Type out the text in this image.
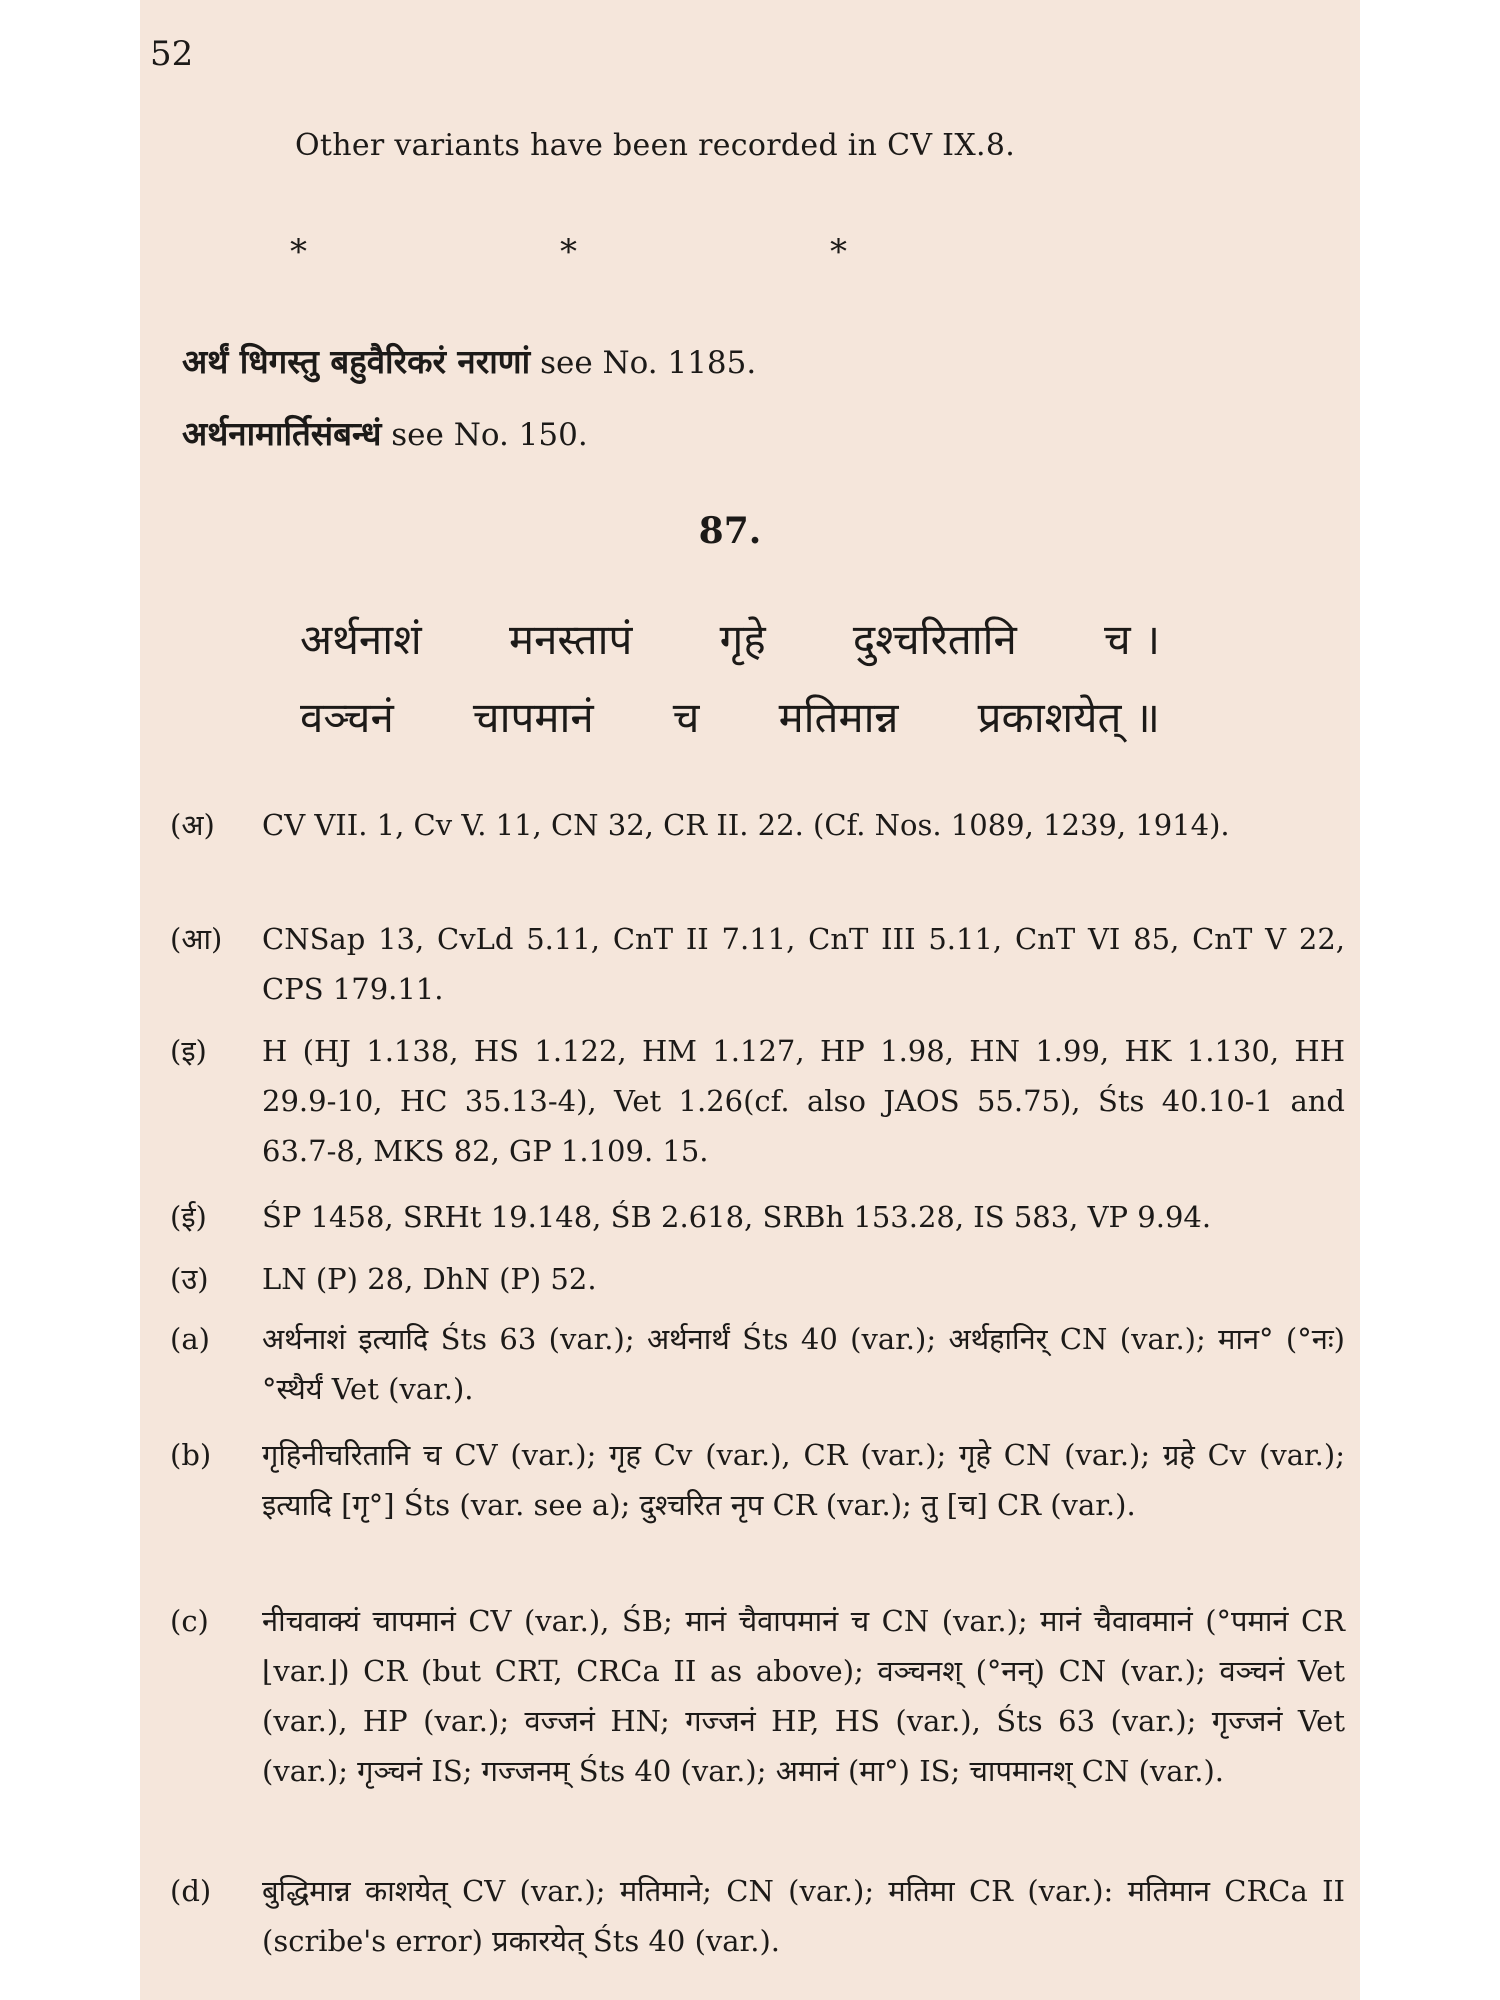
52
Other variants have been recorded in CV IX.8.
*	*	*
अर्थं धिगस्तु बहुवैरिकरं नराणां see No. 1185.
अर्थनामार्तिसंबन्धं see No. 150.
87.
अर्थनाशं मनस्तापं गृहे दुश्चरितानि च ।
वञ्चनं चापमानं च मतिमान्न प्रकाशयेत् ॥
(अ)	CV VII. 1, Cv V. 11, CN 32, CR II. 22. (Cf. Nos. 1089, 1239, 1914).
(आ)	CNSap 13, CvLd 5.11, CnT II 7.11, CnT III 5.11, CnT VI 85, CnT V 22, CPS 179.11.
(इ)	H (HJ 1.138, HS 1.122, HM 1.127, HP 1.98, HN 1.99, HK 1.130, HH 29.9-10, HC 35.13-4), Vet 1.26(cf. also JAOS 55.75), Śts 40.10-1 and 63.7-8, MKS 82, GP 1.109. 15.
(ई)	ŚP 1458, SRHt 19.148, ŚB 2.618, SRBh 153.28, IS 583, VP 9.94.
(उ)	LN (P) 28, DhN (P) 52.
(a)	अर्थनाशं इत्यादि Śts 63 (var.); अर्थनार्थं Śts 40 (var.); अर्थहानिर् CN (var.); मान° (°नः) °स्थैर्यं Vet (var.).
(b)	गृहिनीचरितानि च CV (var.); गृह Cv (var.), CR (var.); गृहे CN (var.); ग्रहे Cv (var.); इत्यादि [गृ°] Śts (var. see a); दुश्चरित नृप CR (var.); तु [च] CR (var.).
(c)	नीचवाक्यं चापमानं CV (var.), ŚB; मानं चैवापमानं च CN (var.); मानं चैवावमानं (°पमानं CR ⌊var.⌋) CR (but CRT, CRCa II as above); वञ्चनश् (°नन्) CN (var.); वञ्चनं Vet (var.), HP (var.); वज्जनं HN; गज्जनं HP, HS (var.), Śts 63 (var.); गृज्जनं Vet (var.); गृञ्चनं IS; गज्जनम् Śts 40 (var.); अमानं (मा°) IS; चापमानश् CN (var.).
(d)	बुद्धिमान्न काशयेत् CV (var.); मतिमाने; CN (var.); मतिमा CR (var.): मतिमान CRCa II (scribe's error) प्रकारयेत् Śts 40 (var.).
